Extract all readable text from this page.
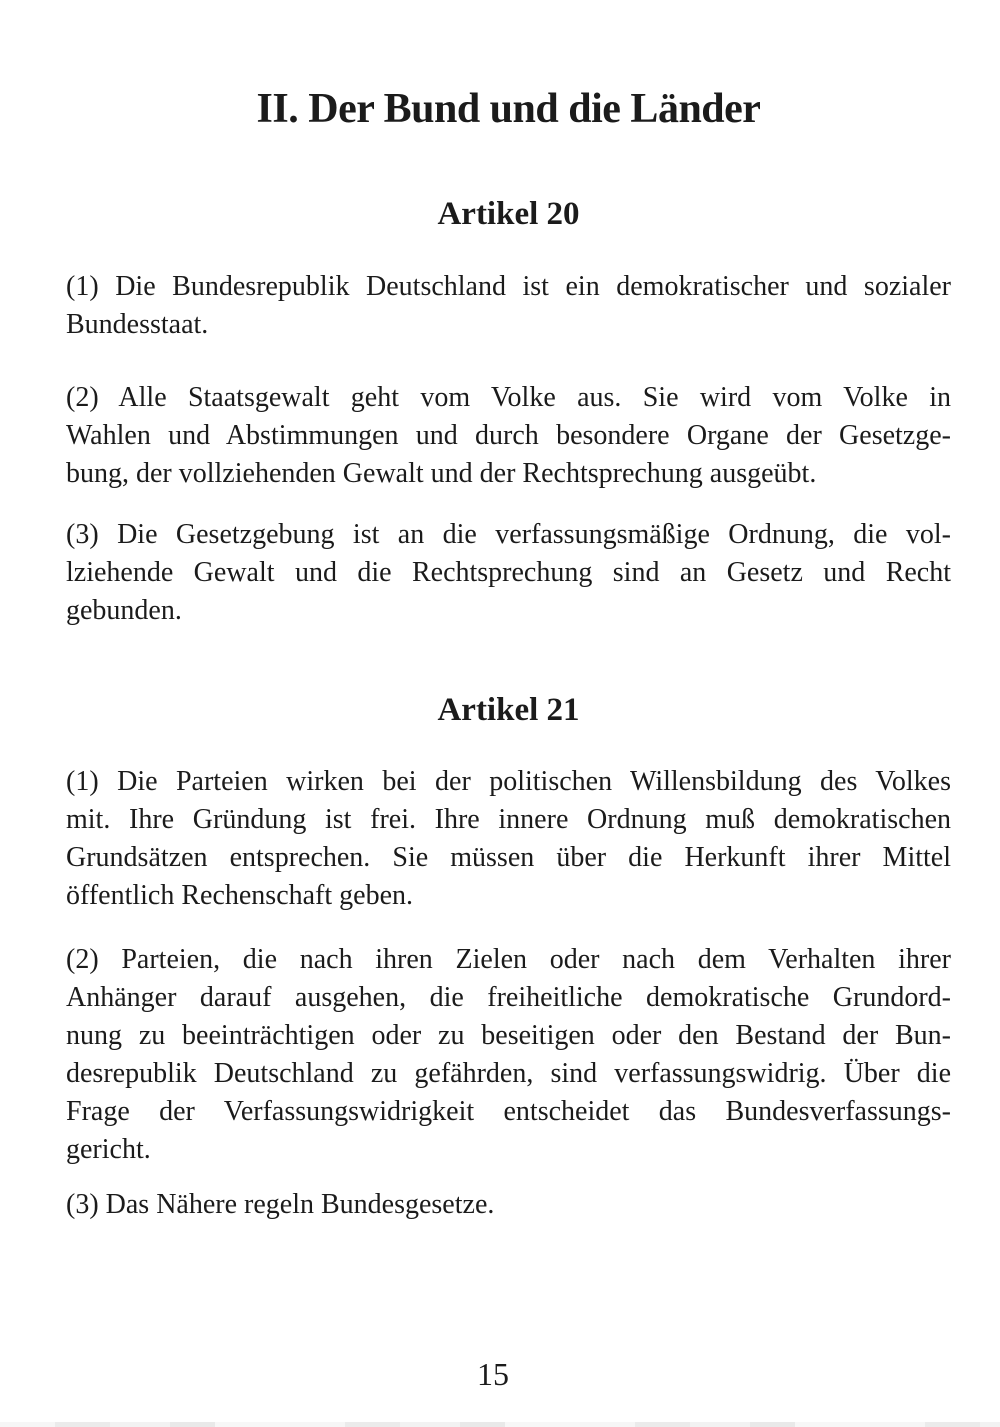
II. Der Bund und die Länder
Artikel 20
(1) Die Bundesrepublik Deutschland ist ein demokratischer und sozialer
Bundesstaat.
(2) Alle Staatsgewalt geht vom Volke aus. Sie wird vom Volke in
Wahlen und Abstimmungen und durch besondere Organe der Gesetzge-
bung, der vollziehenden Gewalt und der Rechtsprechung ausgeübt.
(3) Die Gesetzgebung ist an die verfassungsmäßige Ordnung, die vol-
lziehende Gewalt und die Rechtsprechung sind an Gesetz und Recht
gebunden.
Artikel 21
(1) Die Parteien wirken bei der politischen Willensbildung des Volkes
mit. Ihre Gründung ist frei. Ihre innere Ordnung muß demokratischen
Grundsätzen entsprechen. Sie müssen über die Herkunft ihrer Mittel
öffentlich Rechenschaft geben.
(2) Parteien, die nach ihren Zielen oder nach dem Verhalten ihrer
Anhänger darauf ausgehen, die freiheitliche demokratische Grundord-
nung zu beeinträchtigen oder zu beseitigen oder den Bestand der Bun-
desrepublik Deutschland zu gefährden, sind verfassungswidrig. Über die
Frage der Verfassungswidrigkeit entscheidet das Bundesverfassungs-
gericht.
(3) Das Nähere regeln Bundesgesetze.
15
